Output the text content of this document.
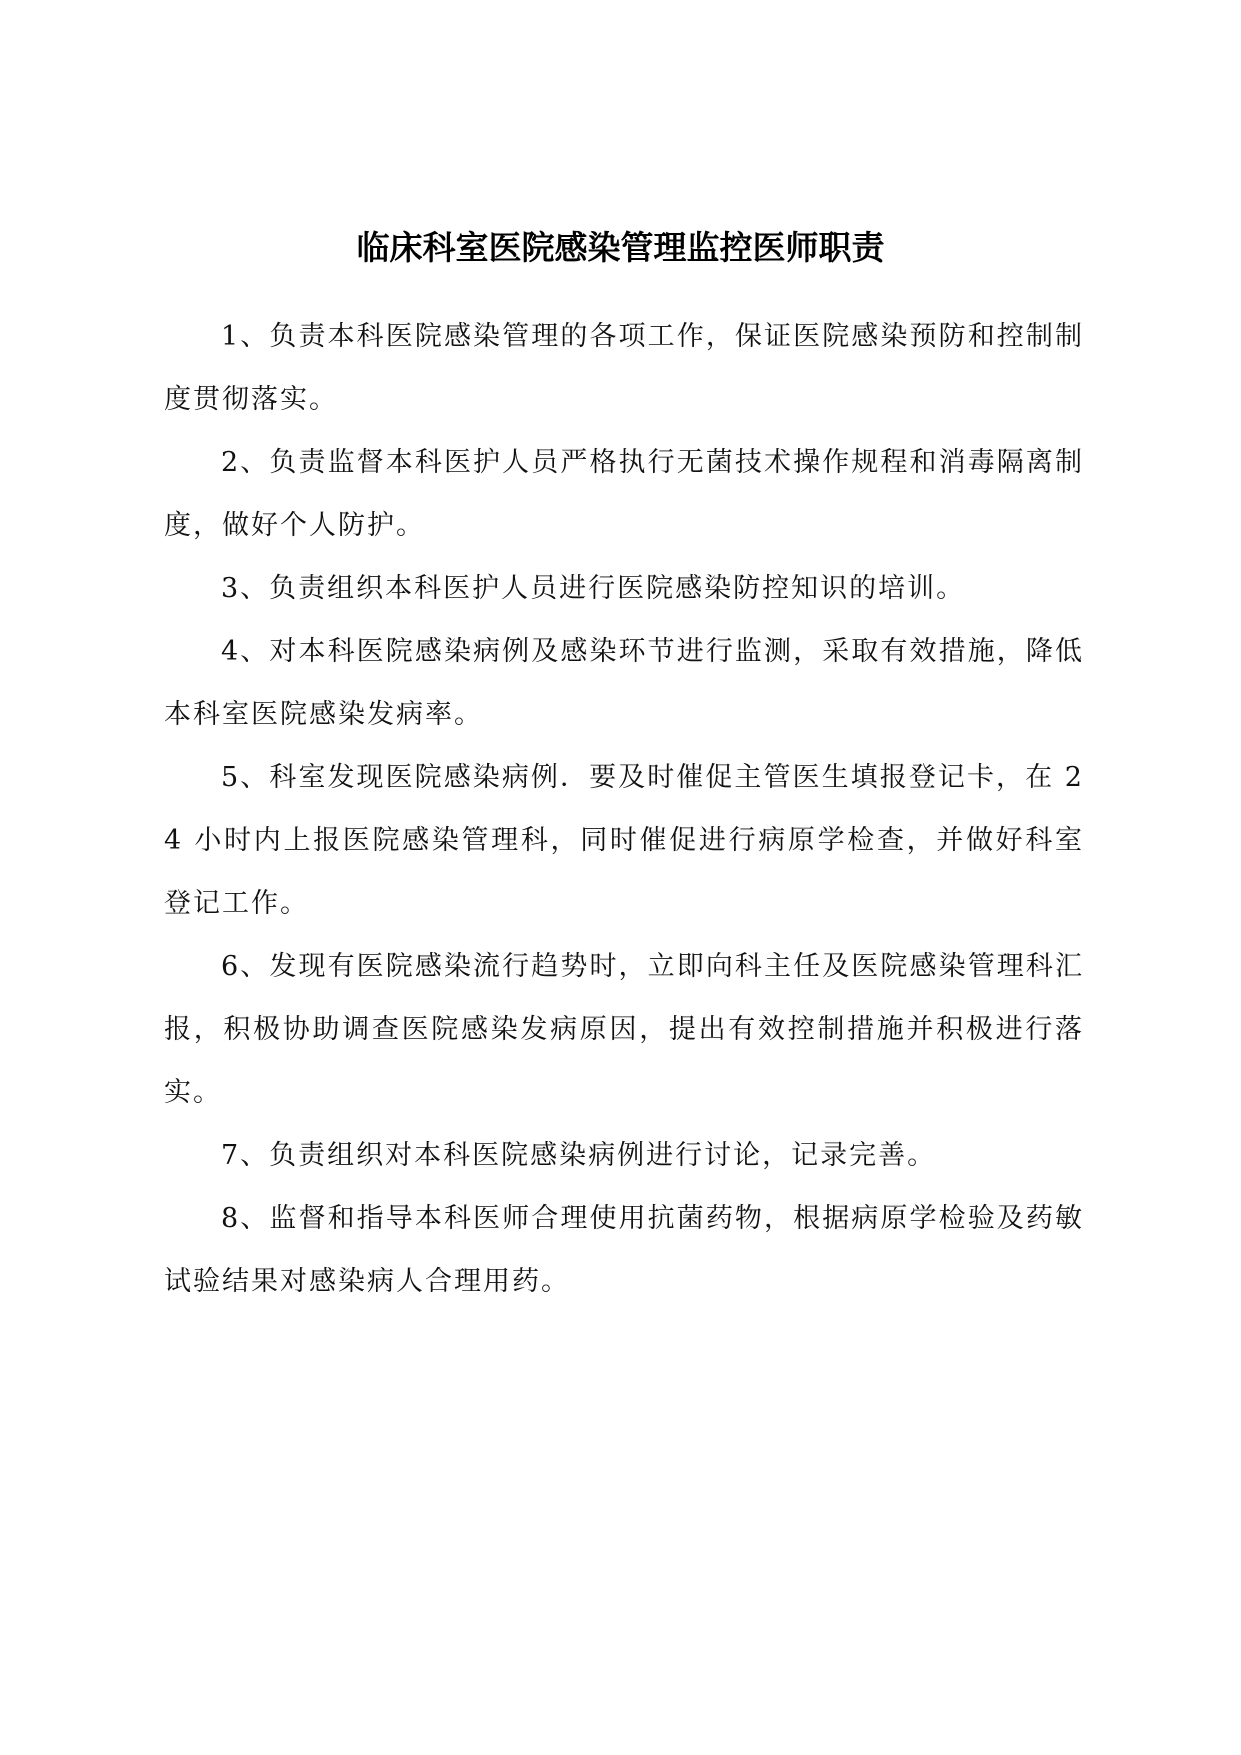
临床科室医院感染管理监控医师职责

1、负责本科医院感染管理的各项工作，保证医院感染预防和控制制度贯彻落实。

2、负责监督本科医护人员严格执行无菌技术操作规程和消毒隔离制度，做好个人防护。

3、负责组织本科医护人员进行医院感染防控知识的培训。

4、对本科医院感染病例及感染环节进行监测，采取有效措施，降低本科室医院感染发病率。

5、科室发现医院感染病例．要及时催促主管医生填报登记卡，在 24 小时内上报医院感染管理科，同时催促进行病原学检查，并做好科室登记工作。

6、发现有医院感染流行趋势时，立即向科主任及医院感染管理科汇报，积极协助调查医院感染发病原因，提出有效控制措施并积极进行落实。

7、负责组织对本科医院感染病例进行讨论，记录完善。

8、监督和指导本科医师合理使用抗菌药物，根据病原学检验及药敏试验结果对感染病人合理用药。
